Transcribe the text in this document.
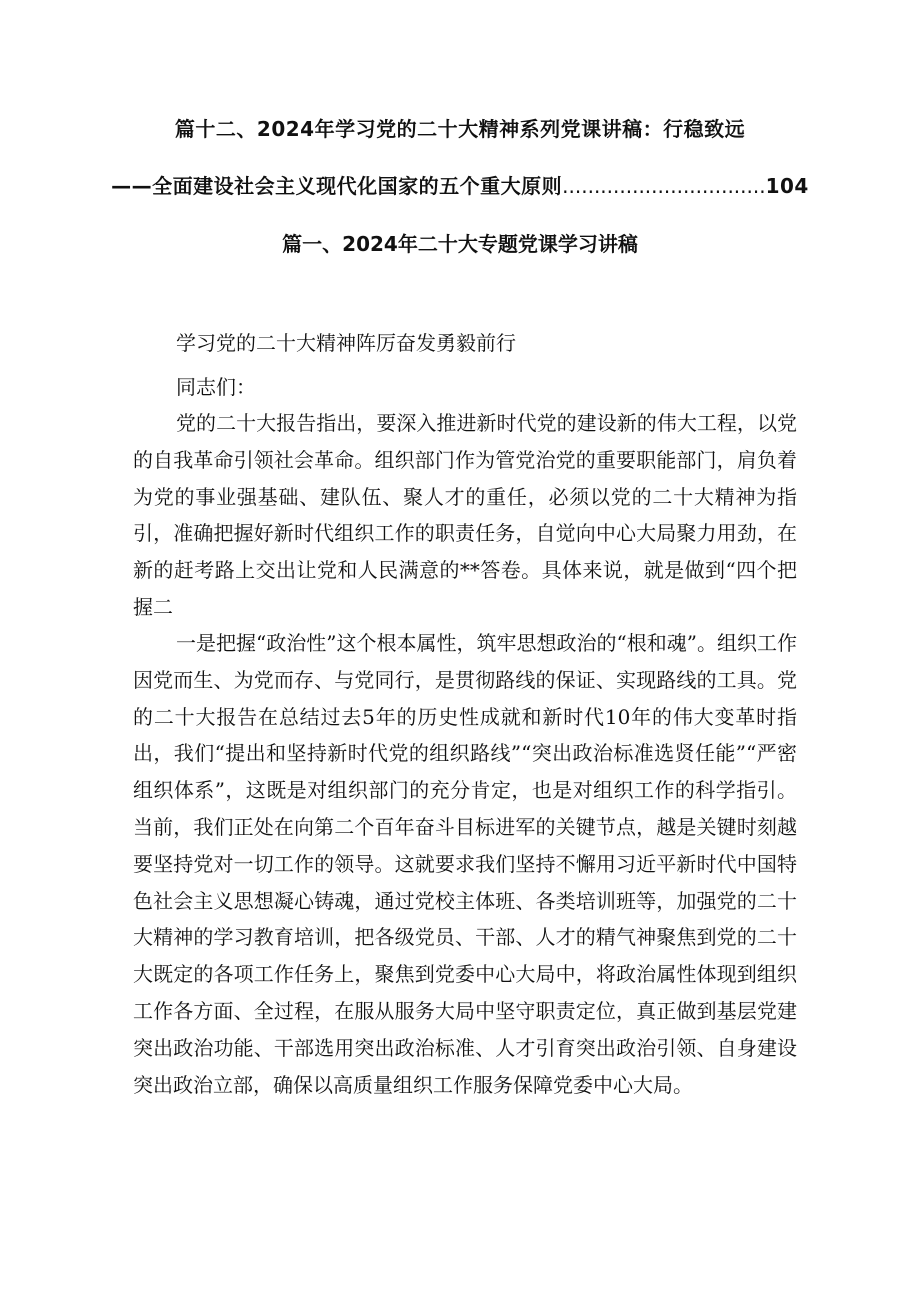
篇十二、2024年学习党的二十大精神系列党课讲稿：行稳致远
——全面建设社会主义现代化国家的五个重大原则................................104
篇一、2024年二十大专题党课学习讲稿
学习党的二十大精神阵厉奋发勇毅前行
同志们：

党的二十大报告指出，要深入推进新时代党的建设新的伟大工程，以党的自我革命引领社会革命。组织部门作为管党治党的重要职能部门，肩负着为党的事业强基础、建队伍、聚人才的重任，必须以党的二十大精神为指引，准确把握好新时代组织工作的职责任务，自觉向中心大局聚力用劲，在新的赶考路上交出让党和人民满意的**答卷。具体来说，就是做到“四个把握二

一是把握“政治性”这个根本属性，筑牢思想政治的“根和魂”。组织工作因党而生、为党而存、与党同行，是贯彻路线的保证、实现路线的工具。党的二十大报告在总结过去5年的历史性成就和新时代10年的伟大变革时指出，我们“提出和坚持新时代党的组织路线”“突出政治标准选贤任能”“严密组织体系”，这既是对组织部门的充分肯定，也是对组织工作的科学指引。当前，我们正处在向第二个百年奋斗目标进军的关键节点，越是关键时刻越要坚持党对一切工作的领导。这就要求我们坚持不懈用习近平新时代中国特色社会主义思想凝心铸魂，通过党校主体班、各类培训班等，加强党的二十大精神的学习教育培训，把各级党员、干部、人才的精气神聚焦到党的二十大既定的各项工作任务上，聚焦到党委中心大局中，将政治属性体现到组织工作各方面、全过程，在服从服务大局中坚守职责定位，真正做到基层党建突出政治功能、干部选用突出政治标准、人才引育突出政治引领、自身建设突出政治立部，确保以高质量组织工作服务保障党委中心大局。
